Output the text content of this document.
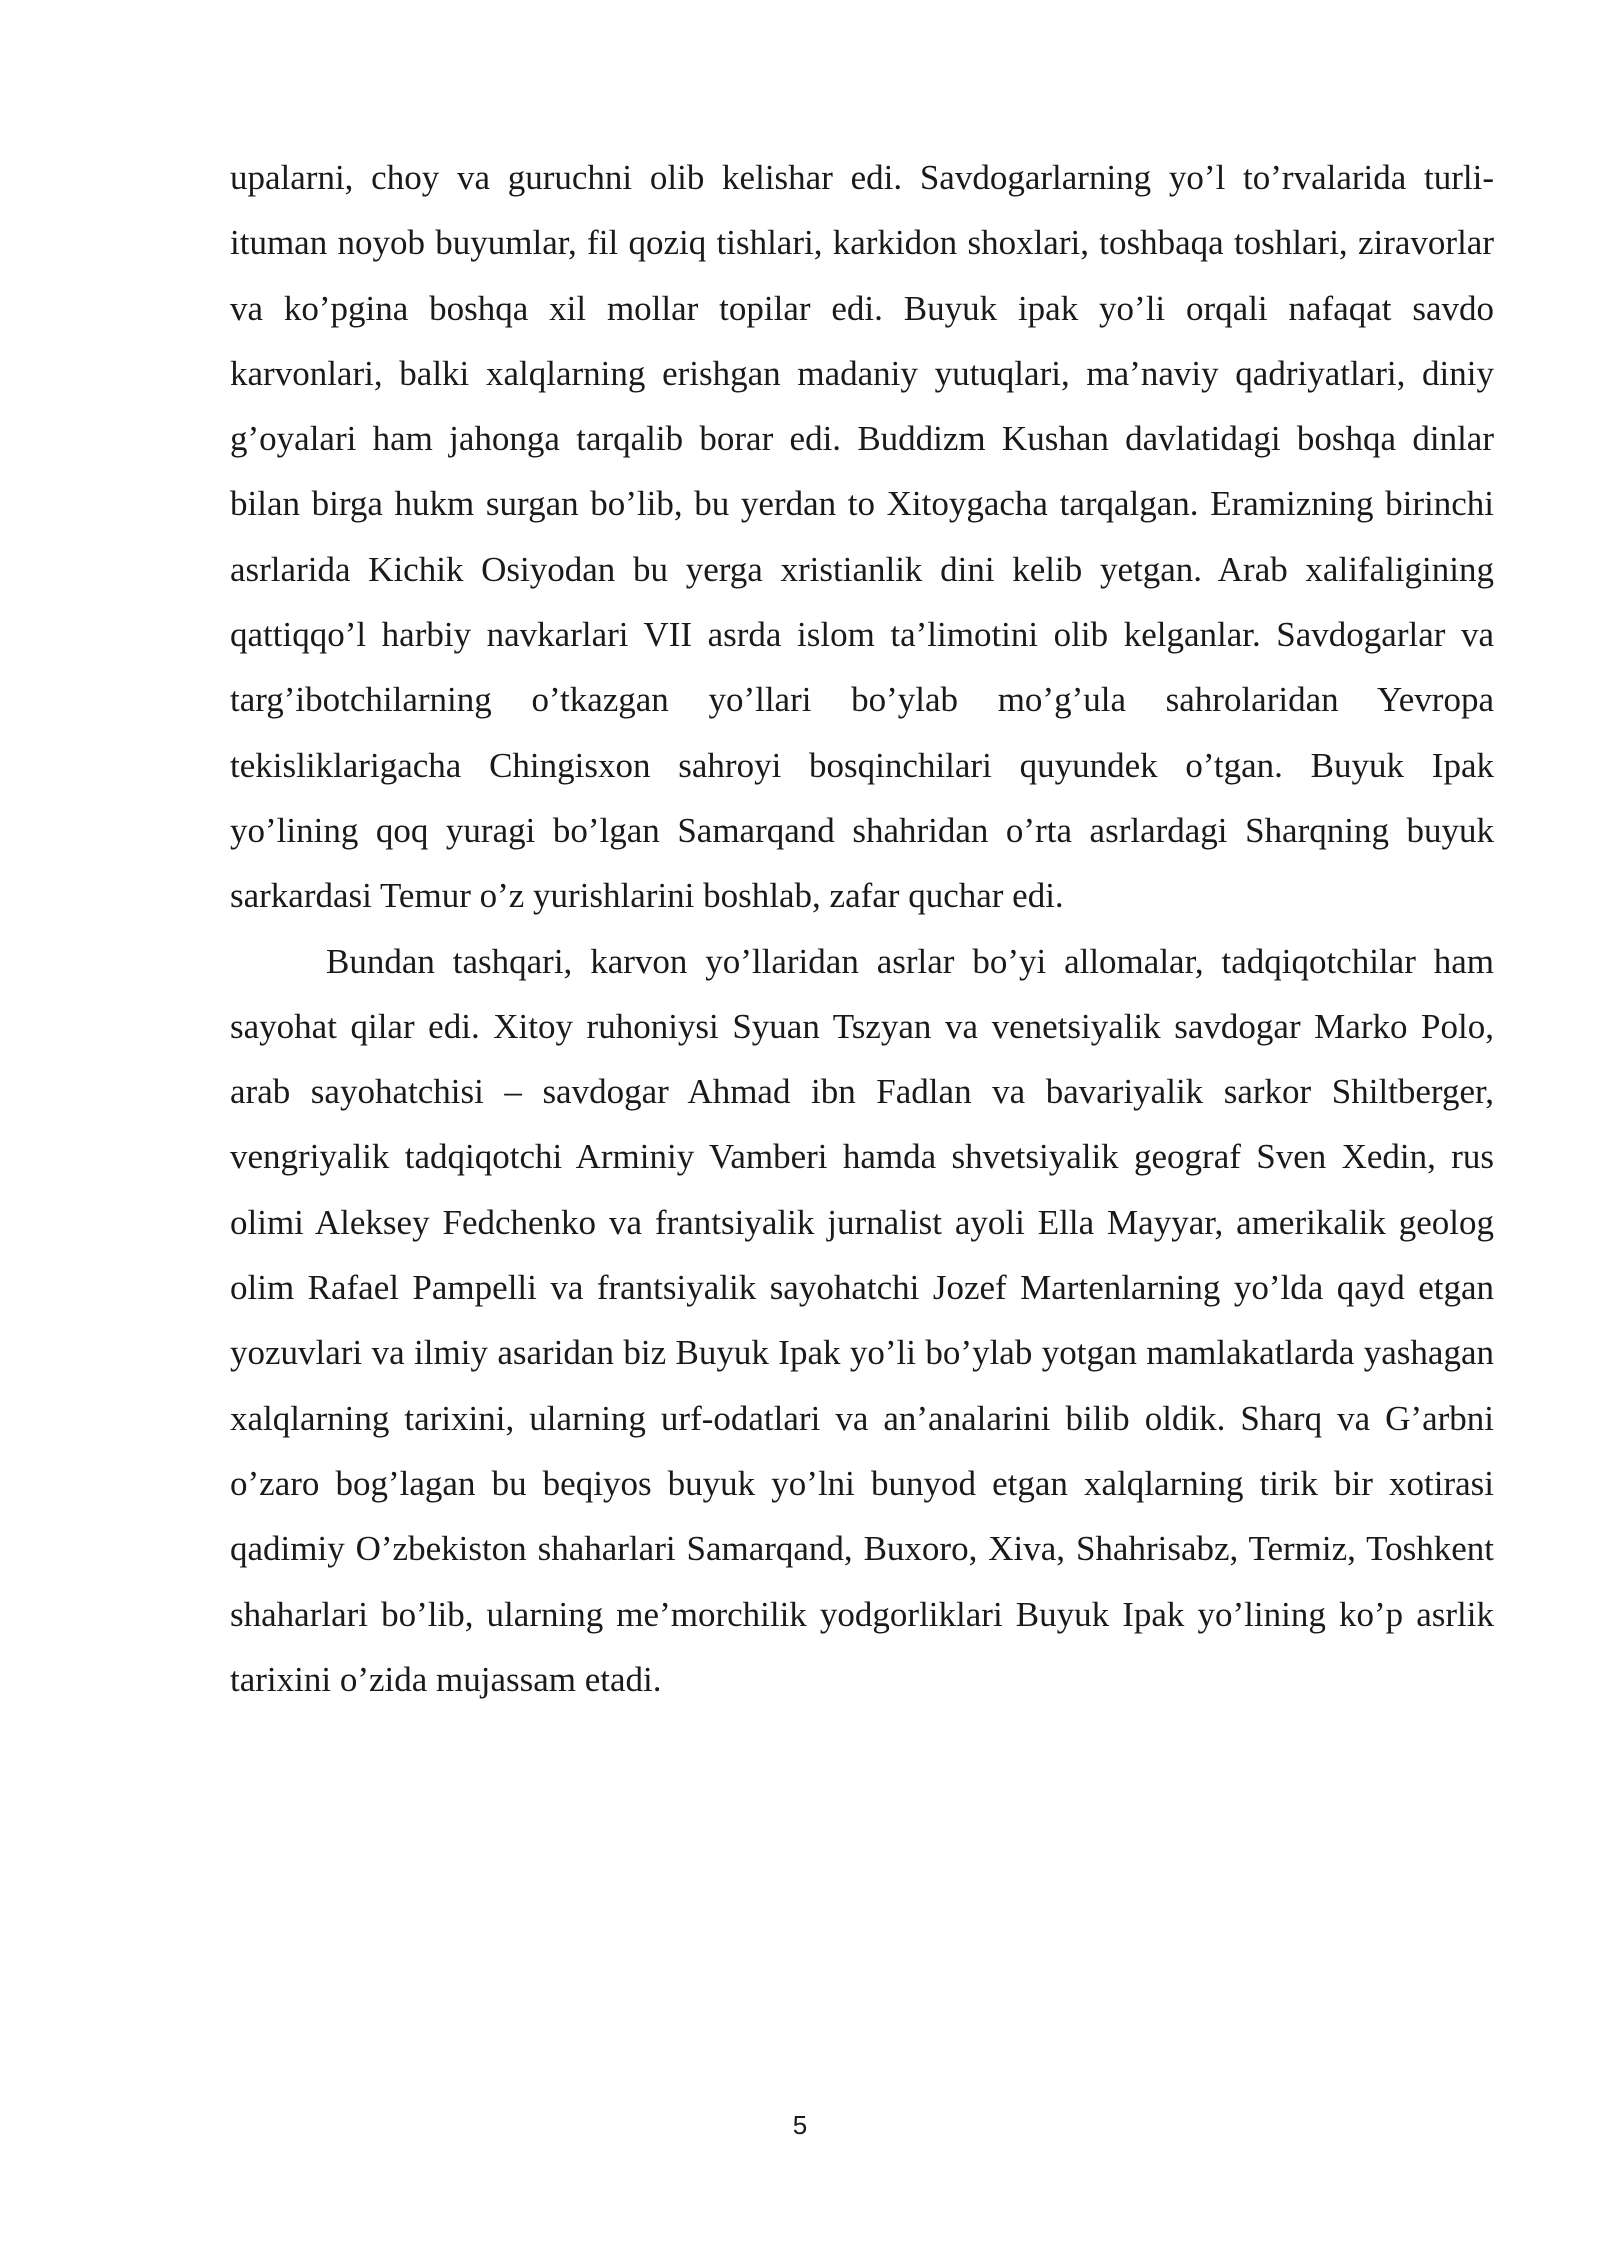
upalarni, choy va guruchni olib kelishar edi. Savdogarlarning yo’l to’rvalarida turli-ituman noyob buyumlar, fil qoziq tishlari, karkidon shoxlari, toshbaqa toshlari, ziravorlar va ko’pgina boshqa xil mollar topilar edi. Buyuk ipak yo’li orqali nafaqat savdo karvonlari, balki xalqlarning erishgan madaniy yutuqlari, ma’naviy qadriyatlari, diniy g’oyalari ham jahonga tarqalib borar edi. Buddizm Kushan davlatidagi boshqa dinlar bilan birga hukm surgan bo’lib, bu yerdan to Xitoygacha tarqalgan. Eramizning birinchi asrlarida Kichik Osiyodan bu yerga xristianlik dini kelib yetgan. Arab xalifaligining qattiqqo’l harbiy navkarlari VII asrda islom ta’limotini olib kelganlar. Savdogarlar va targ’ibotchilarning o’tkazgan yo’llari bo’ylab mo’g’ula sahrolaridan Yevropa tekisliklarigacha Chingisxon sahroyi bosqinchilari quyundek o’tgan. Buyuk Ipak yo’lining qoq yuragi bo’lgan Samarqand shahridan o’rta asrlardagi Sharqning buyuk sarkardasi Temur o’z yurishlarini boshlab, zafar quchar edi.

Bundan tashqari, karvon yo’llaridan asrlar bo’yi allomalar, tadqiqotchilar ham sayohat qilar edi. Xitoy ruhoniysi Syuan Tszyan va venetsiyalik savdogar Marko Polo, arab sayohatchisi – savdogar Ahmad ibn Fadlan va bavariyalik sarkor Shiltberger, vengriyalik tadqiqotchi Arminiy Vamberi hamda shvetsiyalik geograf Sven Xedin, rus olimi Aleksey Fedchenko va frantsiyalik jurnalist ayoli Ella Mayyar, amerikalik geolog olim Rafael Pampelli va frantsiyalik sayohatchi Jozef Martenlarning yo’lda qayd etgan yozuvlari va ilmiy asaridan biz Buyuk Ipak yo’li bo’ylab yotgan mamlakatlarda yashagan xalqlarning tarixini, ularning urf-odatlari va an’analarini bilib oldik. Sharq va G’arbni o’zaro bog’lagan bu beqiyos buyuk yo’lni bunyod etgan xalqlarning tirik bir xotirasi qadimiy O’zbekiston shaharlari Samarqand, Buxoro, Xiva, Shahrisabz, Termiz, Toshkent shaharlari bo’lib, ularning me’morchilik yodgorliklari Buyuk Ipak yo’lining ko’p asrlik tarixini o’zida mujassam etadi.

5
